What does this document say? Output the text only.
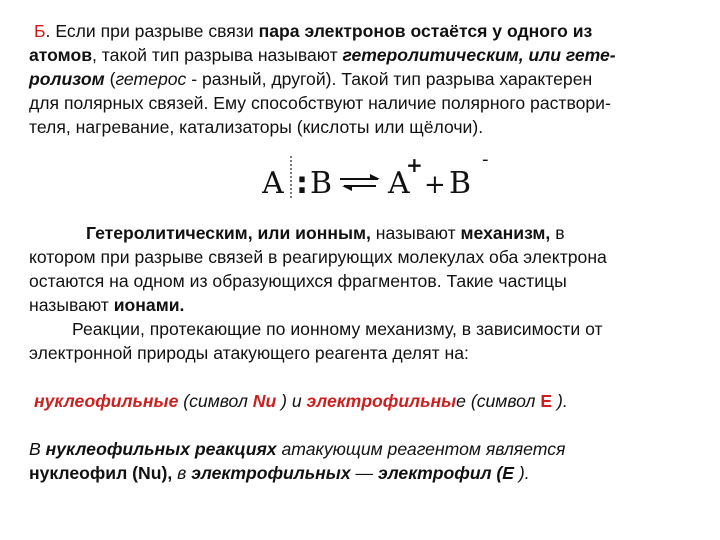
Б. Если при разрыве связи пара электронов остаётся у одного из
атомов, такой тип разрыва называют гетеролитическим, или гете-
ролизом (гетерос - разный, другой). Такой тип разрыва характерен
для полярных связей. Ему способствуют наличие полярного раствори-
теля, нагревание, катализаторы (кислоты или щёлочи).
A : B A
+
+ B
-
Гетеролитическим, или ионным, называют механизм, в
котором при разрыве связей в реагирующих молекулах оба электрона
остаются на одном из образующихся фрагментов. Такие частицы
называют ионами.
Реакции, протекающие по ионному механизму, в зависимости от
электронной природы атакующего реагента делят на:
нуклеофильные (символ Nu ) и электрофильные (символ Е ).
В нуклеофильных реакциях атакующим реагентом является
нуклеофил (Nu), в электрофильных — электрофил (Е ).
